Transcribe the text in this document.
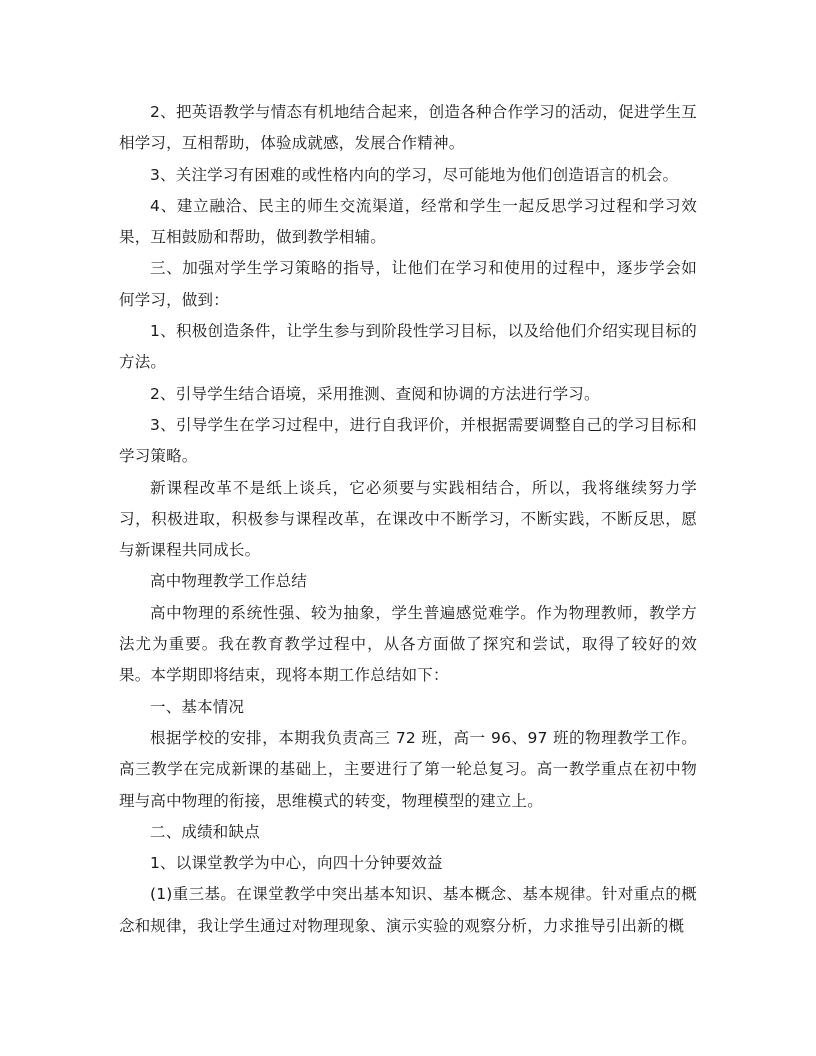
2、把英语教学与情态有机地结合起来，创造各种合作学习的活动，促进学生互相学习，互相帮助，体验成就感，发展合作精神。

3、关注学习有困难的或性格内向的学习，尽可能地为他们创造语言的机会。

4、建立融洽、民主的师生交流渠道，经常和学生一起反思学习过程和学习效果，互相鼓励和帮助，做到教学相辅。

三、加强对学生学习策略的指导，让他们在学习和使用的过程中，逐步学会如何学习，做到：

1、积极创造条件，让学生参与到阶段性学习目标，以及给他们介绍实现目标的方法。

2、引导学生结合语境，采用推测、查阅和协调的方法进行学习。

3、引导学生在学习过程中，进行自我评价，并根据需要调整自己的学习目标和学习策略。

新课程改革不是纸上谈兵，它必须要与实践相结合，所以，我将继续努力学习，积极进取，积极参与课程改革，在课改中不断学习，不断实践，不断反思，愿与新课程共同成长。

高中物理教学工作总结

高中物理的系统性强、较为抽象，学生普遍感觉难学。作为物理教师，教学方法尤为重要。我在教育教学过程中，从各方面做了探究和尝试，取得了较好的效果。本学期即将结束，现将本期工作总结如下：

一、基本情况

根据学校的安排，本期我负责高三 72 班，高一 96、97 班的物理教学工作。高三教学在完成新课的基础上，主要进行了第一轮总复习。高一教学重点在初中物理与高中物理的衔接，思维模式的转变，物理模型的建立上。

二、成绩和缺点

1、以课堂教学为中心，向四十分钟要效益

(1)重三基。在课堂教学中突出基本知识、基本概念、基本规律。针对重点的概念和规律，我让学生通过对物理现象、演示实验的观察分析，力求推导引出新的概
